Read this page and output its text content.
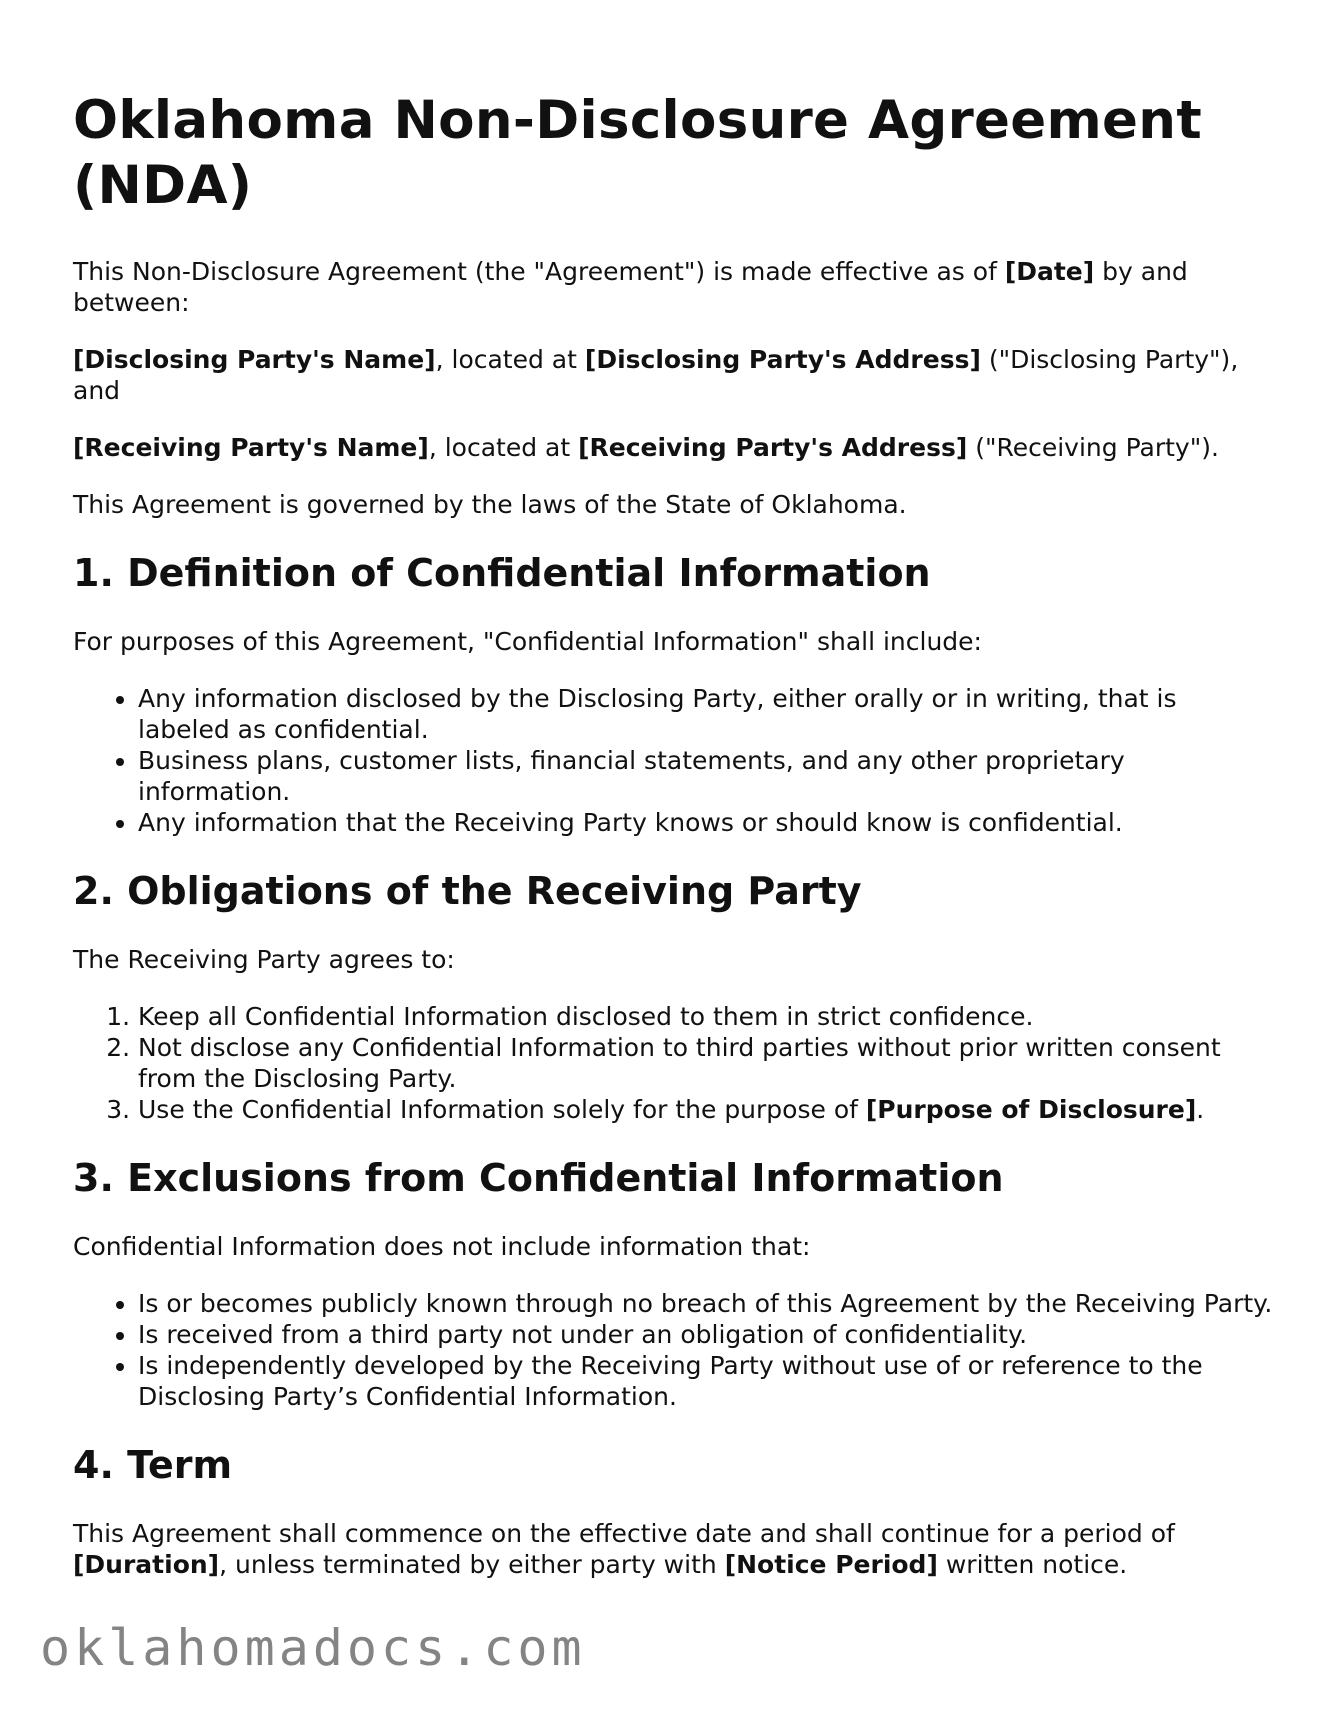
Oklahoma Non-Disclosure Agreement (NDA)

This Non-Disclosure Agreement (the "Agreement") is made effective as of [Date] by and between:

[Disclosing Party's Name], located at [Disclosing Party's Address] ("Disclosing Party"), and

[Receiving Party's Name], located at [Receiving Party's Address] ("Receiving Party").

This Agreement is governed by the laws of the State of Oklahoma.

1. Definition of Confidential Information

For purposes of this Agreement, "Confidential Information" shall include:

• Any information disclosed by the Disclosing Party, either orally or in writing, that is labeled as confidential.
• Business plans, customer lists, financial statements, and any other proprietary information.
• Any information that the Receiving Party knows or should know is confidential.
2. Obligations of the Receiving Party

The Receiving Party agrees to:

1. Keep all Confidential Information disclosed to them in strict confidence.
2. Not disclose any Confidential Information to third parties without prior written consent from the Disclosing Party.
3. Use the Confidential Information solely for the purpose of [Purpose of Disclosure].
3. Exclusions from Confidential Information

Confidential Information does not include information that:

• Is or becomes publicly known through no breach of this Agreement by the Receiving Party.
• Is received from a third party not under an obligation of confidentiality.
• Is independently developed by the Receiving Party without use of or reference to the Disclosing Party’s Confidential Information.
4. Term

This Agreement shall commence on the effective date and shall continue for a period of [Duration], unless terminated by either party with [Notice Period] written notice.

oklahomadocs.com
